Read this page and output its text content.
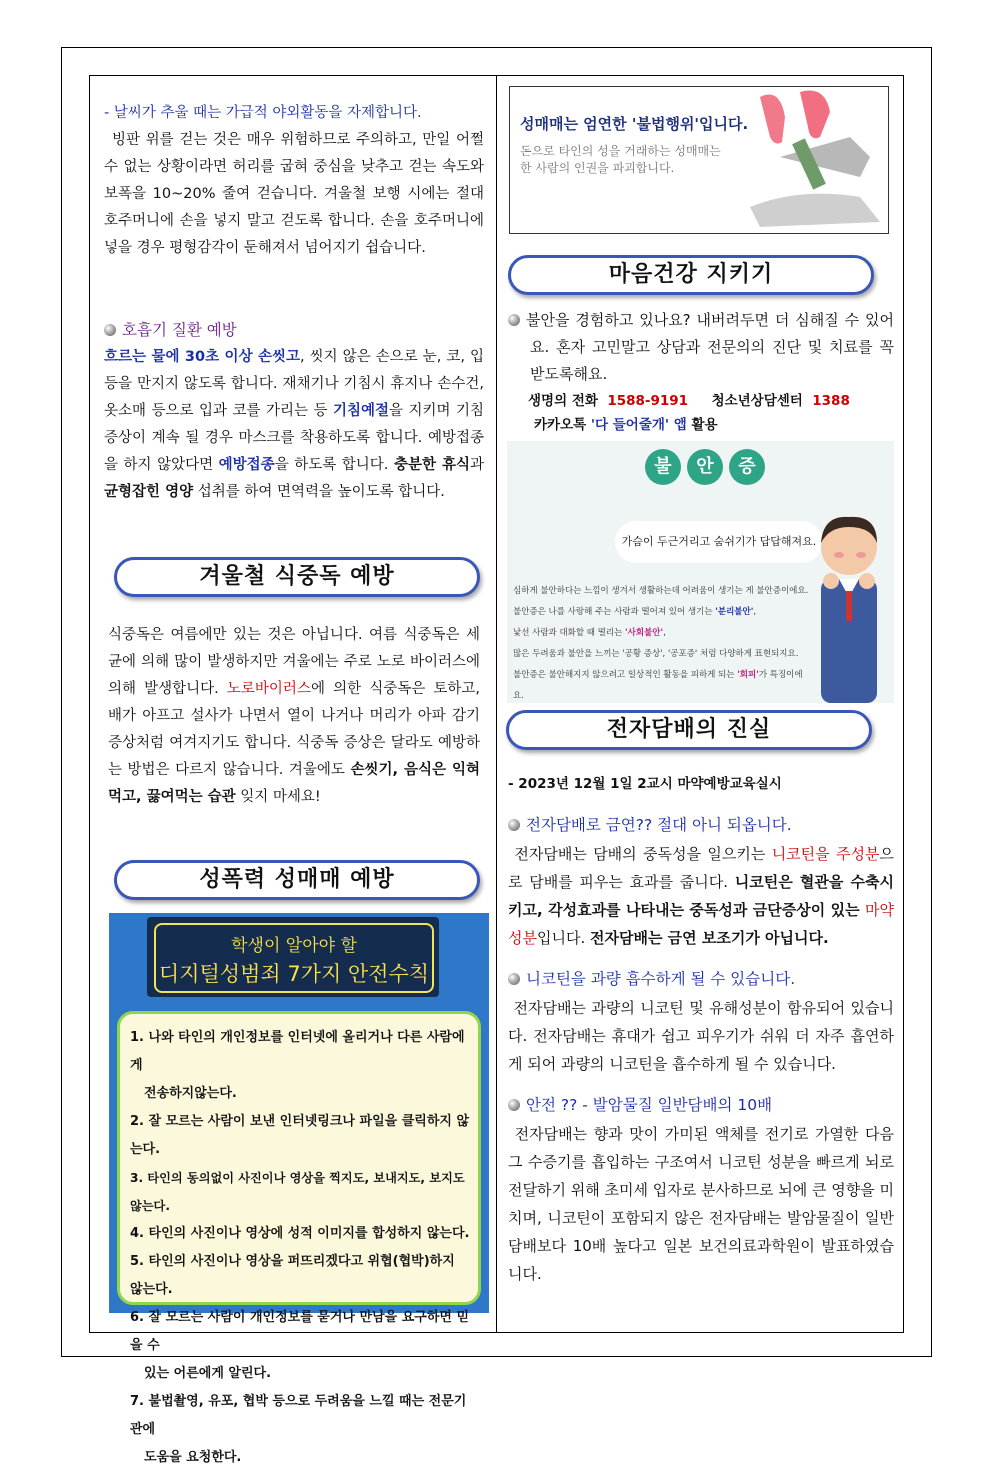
- 날씨가 추울 때는 가급적 야외활동을 자제합니다.

빙판 위를 걷는 것은 매우 위험하므로 주의하고, 만일 어쩔 수 없는 상황이라면 허리를 굽혀 중심을 낮추고 걷는 속도와 보폭을 10~20% 줄여 걷습니다. 겨울철 보행 시에는 절대 호주머니에 손을 넣지 말고 걷도록 합니다. 손을 호주머니에 넣을 경우 평형감각이 둔해져서 넘어지기 쉽습니다.

호흡기 질환 예방

흐르는 물에 30초 이상 손씻고, 씻지 않은 손으로 눈, 코, 입 등을 만지지 않도록 합니다. 재채기나 기침시 휴지나 손수건, 옷소매 등으로 입과 코를 가리는 등 기침예절을 지키며 기침 증상이 계속 될 경우 마스크를 착용하도록 합니다. 예방접종을 하지 않았다면 예방접종을 하도록 합니다. 충분한 휴식과 균형잡힌 영양 섭취를 하여 면역력을 높이도록 합니다.

겨울철 식중독 예방

식중독은 여름에만 있는 것은 아닙니다. 여름 식중독은 세균에 의해 많이 발생하지만 겨울에는 주로 노로 바이러스에 의해 발생합니다. 노로바이러스에 의한 식중독은 토하고, 배가 아프고 설사가 나면서 열이 나거나 머리가 아파 감기 증상처럼 여겨지기도 합니다. 식중독 증상은 달라도 예방하는 방법은 다르지 않습니다. 겨울에도 손씻기, 음식은 익혀 먹고, 끓여먹는 습관 잊지 마세요!

성폭력 성매매 예방
학생이 알아야 할
디지털성범죄 7가지 안전수칙

1. 나와 타인의 개인정보를 인터넷에 올리거나 다른 사람에게

전송하지않는다.

2. 잘 모르는 사람이 보낸 인터넷링크나 파일을 클릭하지 않는다.

3. 타인의 동의없이 사진이나 영상을 찍지도, 보내지도, 보지도 않는다.

4. 타인의 사진이나 영상에 성적 이미지를 합성하지 않는다.

5. 타인의 사진이나 영상을 퍼뜨리겠다고 위협(협박)하지 않는다.

6. 잘 모르는 사람이 개인정보를 묻거나 만남을 요구하면 믿을 수

있는 어른에게 알린다.

7. 불법촬영, 유포, 협박 등으로 두려움을 느낄 때는 전문기관에

도움을 요청한다.

성매매는 엄연한 '불법행위'입니다.

돈으로 타인의 성을 거래하는 성매매는

한 사람의 인권을 파괴합니다.

마음건강 지키기

불안을 경험하고 있나요? 내버려두면 더 심해질 수 있어요. 혼자 고민말고 상담과 전문의의 진단 및 치료를 꼭 받도록해요.

생명의 전화 1588-9191 청소년상담센터 1388

카카오톡 '다 들어줄개' 앱 활용

불	안	증
가슴이 두근거리고 숨쉬기가 답답해져요.

심하게 불안하다는 느낌이 생겨서 생활하는데 어려움이 생기는 게 불안증이에요.

불안증은 나를 사랑해 주는 사람과 떨어져 있어 생기는 '분리불안',

낯선 사람과 대화할 때 떨리는 '사회불안',

많은 두려움과 불안을 느끼는 '공황 증상', '공포증' 처럼 다양하게 표현되지요.

불안증은 불안해지지 않으려고 일상적인 활동을 피하게 되는 '회피'가 특징이에요.

전자담배의 진실

- 2023년 12월 1일 2교시 마약예방교육실시

전자담배로 금연?? 절대 아니 되옵니다.

전자담배는 담배의 중독성을 일으키는 니코틴을 주성분으로 담배를 피우는 효과를 줍니다. 니코틴은 혈관을 수축시키고, 각성효과를 나타내는 중독성과 금단증상이 있는 마약 성분입니다. 전자담배는 금연 보조기가 아닙니다.

니코틴을 과량 흡수하게 될 수 있습니다.

전자담배는 과량의 니코틴 및 유해성분이 함유되어 있습니다. 전자담배는 휴대가 쉽고 피우기가 쉬워 더 자주 흡연하게 되어 과량의 니코틴을 흡수하게 될 수 있습니다.

안전 ?? - 발암물질 일반담배의 10배

전자담배는 향과 맛이 가미된 액체를 전기로 가열한 다음 그 수증기를 흡입하는 구조여서 니코틴 성분을 빠르게 뇌로 전달하기 위해 초미세 입자로 분사하므로 뇌에 큰 영향을 미치며, 니코틴이 포함되지 않은 전자담배는 발암물질이 일반담배보다 10배 높다고 일본 보건의료과학원이 발표하였습니다.
